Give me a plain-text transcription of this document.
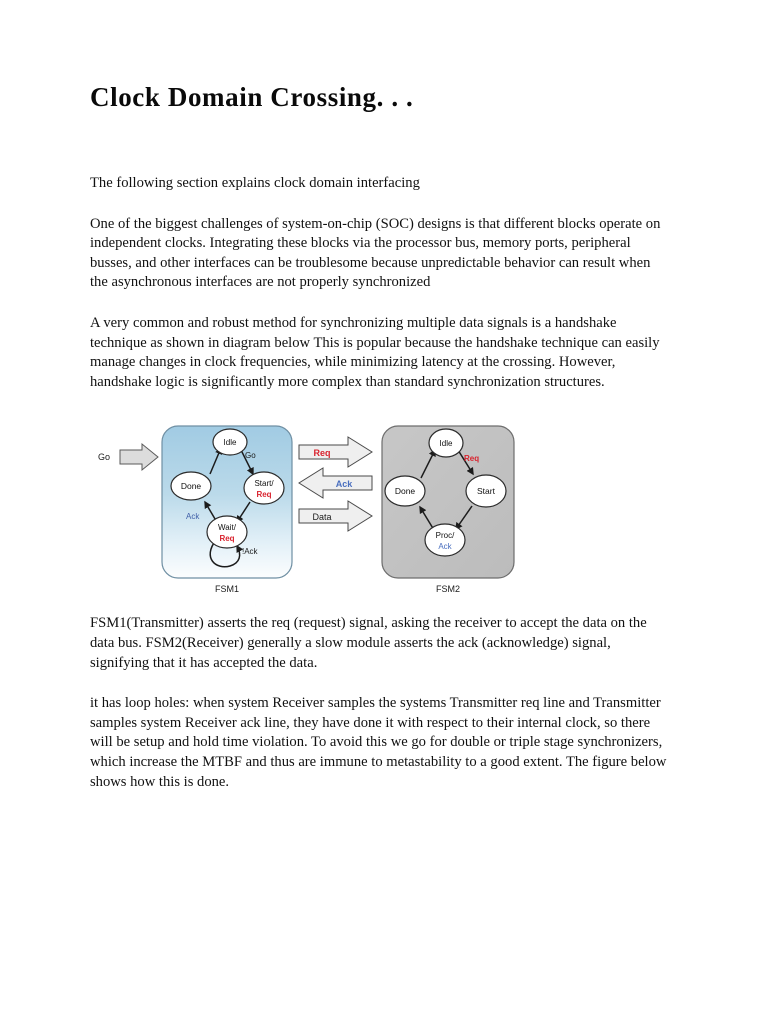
Clock Domain Crossing. . .

The following section explains clock domain interfacing

One of the biggest challenges of system-on-chip (SOC) designs is that different blocks operate on independent clocks. Integrating these blocks via the processor bus, memory ports, peripheral busses, and other interfaces can be troublesome because unpredictable behavior can result when the asynchronous interfaces are not properly synchronized

A very common and robust method for synchronizing multiple data signals is a handshake technique as shown in diagram below This is popular because the handshake technique can easily manage changes in clock frequencies, while minimizing latency at the crossing. However, handshake logic is significantly more complex than standard synchronization structures.

Go
Idle
Done	Start/
Req
Wait/
Req
Go
Ack
!Ack
FSM1
Req
Ack
Data
Idle
Done	Start
Proc/
Ack
Req
FSM2

FSM1(Transmitter) asserts the req (request) signal, asking the receiver to accept the data on the data bus. FSM2(Receiver) generally a slow module asserts the ack (acknowledge) signal, signifying that it has accepted the data.

it has loop holes: when system Receiver samples the systems Transmitter req line and Transmitter samples system Receiver ack line, they have done it with respect to their internal clock, so there will be setup and hold time violation. To avoid this we go for double or triple stage synchronizers, which increase the MTBF and thus are immune to metastability to a good extent. The figure below shows how this is done.
